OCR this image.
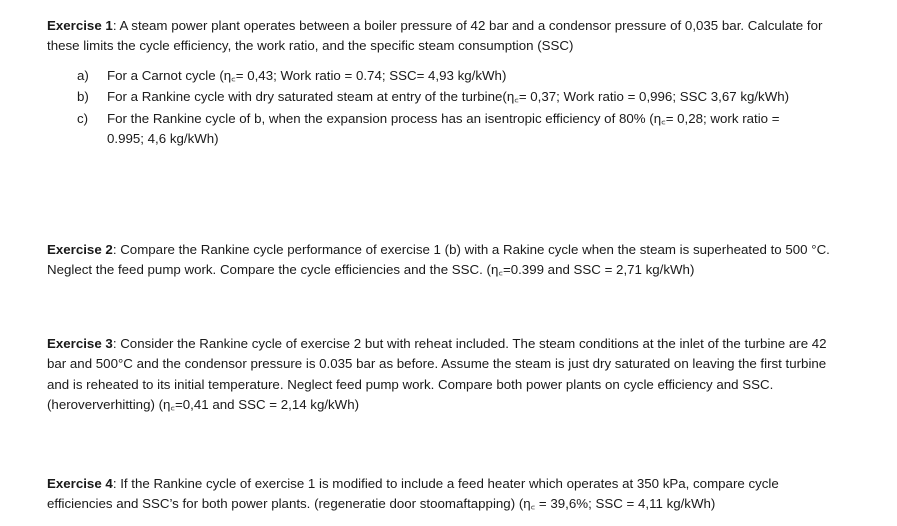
Exercise 1: A steam power plant operates between a boiler pressure of 42 bar and a condensor pressure of 0,035 bar. Calculate for these limits the cycle efficiency, the work ratio, and the specific steam consumption (SSC)
a) For a Carnot cycle (η꜀= 0,43; Work ratio = 0.74; SSC= 4,93 kg/kWh)
b) For a Rankine cycle with dry saturated steam at entry of the turbine(η꜀= 0,37; Work ratio = 0,996; SSC 3,67 kg/kWh)
c) For the Rankine cycle of b, when the expansion process has an isentropic efficiency of 80% (η꜀= 0,28; work ratio = 0.995; 4,6 kg/kWh)
Exercise 2: Compare the Rankine cycle performance of exercise 1 (b) with a Rakine cycle when the steam is superheated to 500 °C. Neglect the feed pump work. Compare the cycle efficiencies and the SSC. (η꜀=0.399 and SSC = 2,71 kg/kWh)
Exercise 3: Consider the Rankine cycle of exercise 2 but with reheat included. The steam conditions at the inlet of the turbine are 42 bar and 500°C and the condensor pressure is 0.035 bar as before. Assume the steam is just dry saturated on leaving the first turbine and is reheated to its initial temperature. Neglect feed pump work. Compare both power plants on cycle efficiency and SSC.(heroververhitting) (η꜀=0,41 and SSC = 2,14 kg/kWh)
Exercise 4: If the Rankine cycle of exercise 1 is modified to include a feed heater which operates at 350 kPa, compare cycle efficiencies and SSC’s for both power plants. (regeneratie door stoomaftapping) (η꜀ = 39,6%; SSC = 4,11 kg/kWh)
